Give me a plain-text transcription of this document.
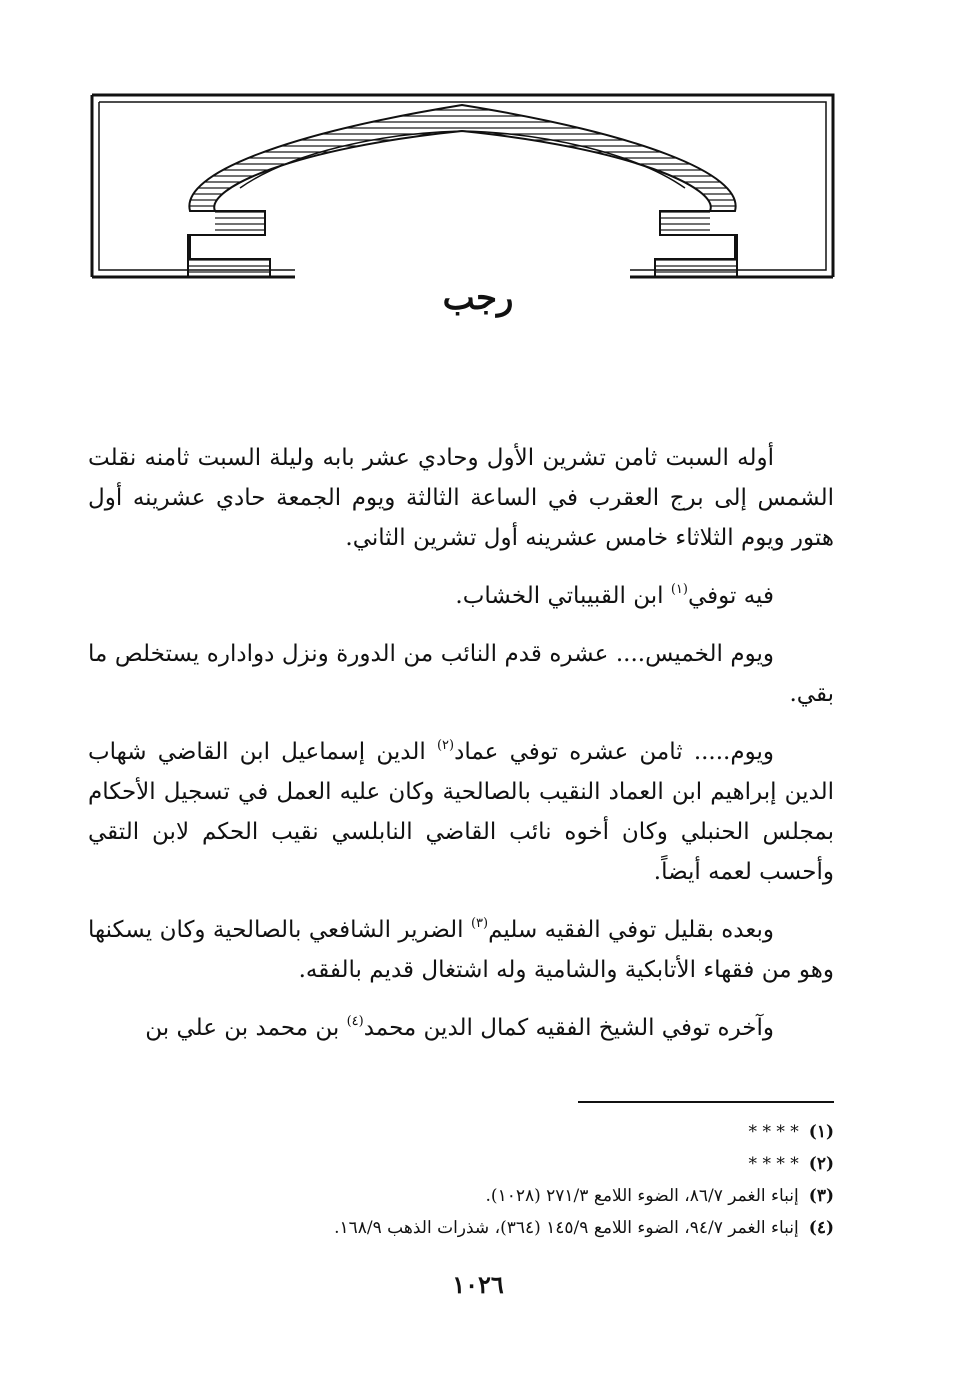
رجب

أوله السبت ثامن تشرين الأول وحادي عشر بابه وليلة السبت ثامنه نقلت الشمس إلى برج العقرب في الساعة الثالثة ويوم الجمعة حادي عشرينه أول هتور ويوم الثلاثاء خامس عشرينه أول تشرين الثاني.

فيه توفي$^{(١)}$ ابن القبيباتي الخشاب.

ويوم الخميس.... عشره قدم النائب من الدورة ونزل دواداره يستخلص ما بقي.

ويوم..... ثامن عشره توفي عماد$^{(٢)}$ الدين إسماعيل ابن القاضي شهاب الدين إبراهيم ابن العماد النقيب بالصالحية وكان عليه العمل في تسجيل الأحكام بمجلس الحنبلي وكان أخوه نائب القاضي النابلسي نقيب الحكم لابن التقي وأحسب لعمه أيضاً.

وبعده بقليل توفي الفقيه سليم$^{(٣)}$ الضرير الشافعي بالصالحية وكان يسكنها وهو من فقهاء الأتابكية والشامية وله اشتغال قديم بالفقه.

وآخره توفي الشيخ الفقيه كمال الدين محمد$^{(٤)}$ بن محمد بن علي بن

(١)* * * *
(٢)* * * *
(٣)إنباء الغمر ٨٦/٧، الضوء اللامع ٢٧١/٣ (١٠٢٨).
(٤)إنباء الغمر ٩٤/٧، الضوء اللامع ١٤٥/٩ (٣٦٤)، شذرات الذهب ١٦٨/٩.
١٠٢٦
